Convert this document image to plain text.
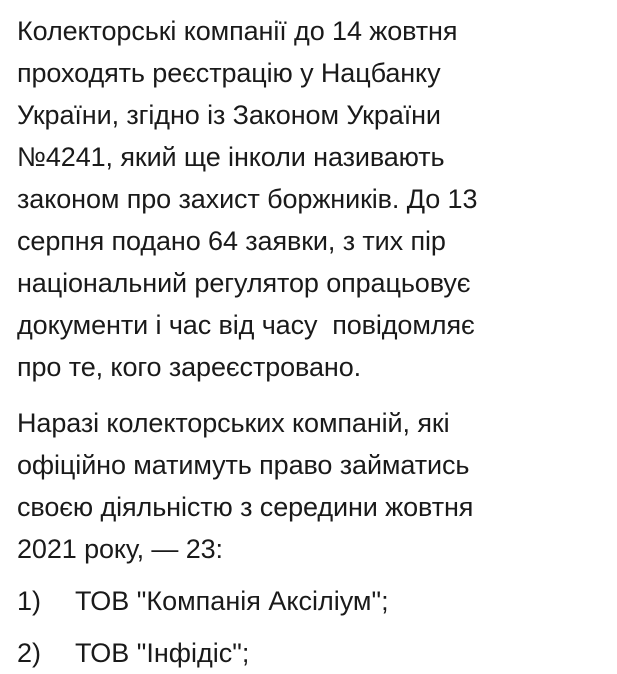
Колекторські компанії до 14 жовтня
проходять реєстрацію у Нацбанку
України, згідно із Законом України
№4241, який ще інколи називають
законом про захист боржників. До 13
серпня подано 64 заявки, з тих пір
національний регулятор опрацьовує
документи і час від часу  повідомляє
про те, кого зареєстровано.

Наразі колекторських компаній, які
офіційно матимуть право займатись
своєю діяльністю з середини жовтня
2021 року, — 23:

1) ТОВ "Компанія Аксіліум";
2) ТОВ "Інфідіс";
